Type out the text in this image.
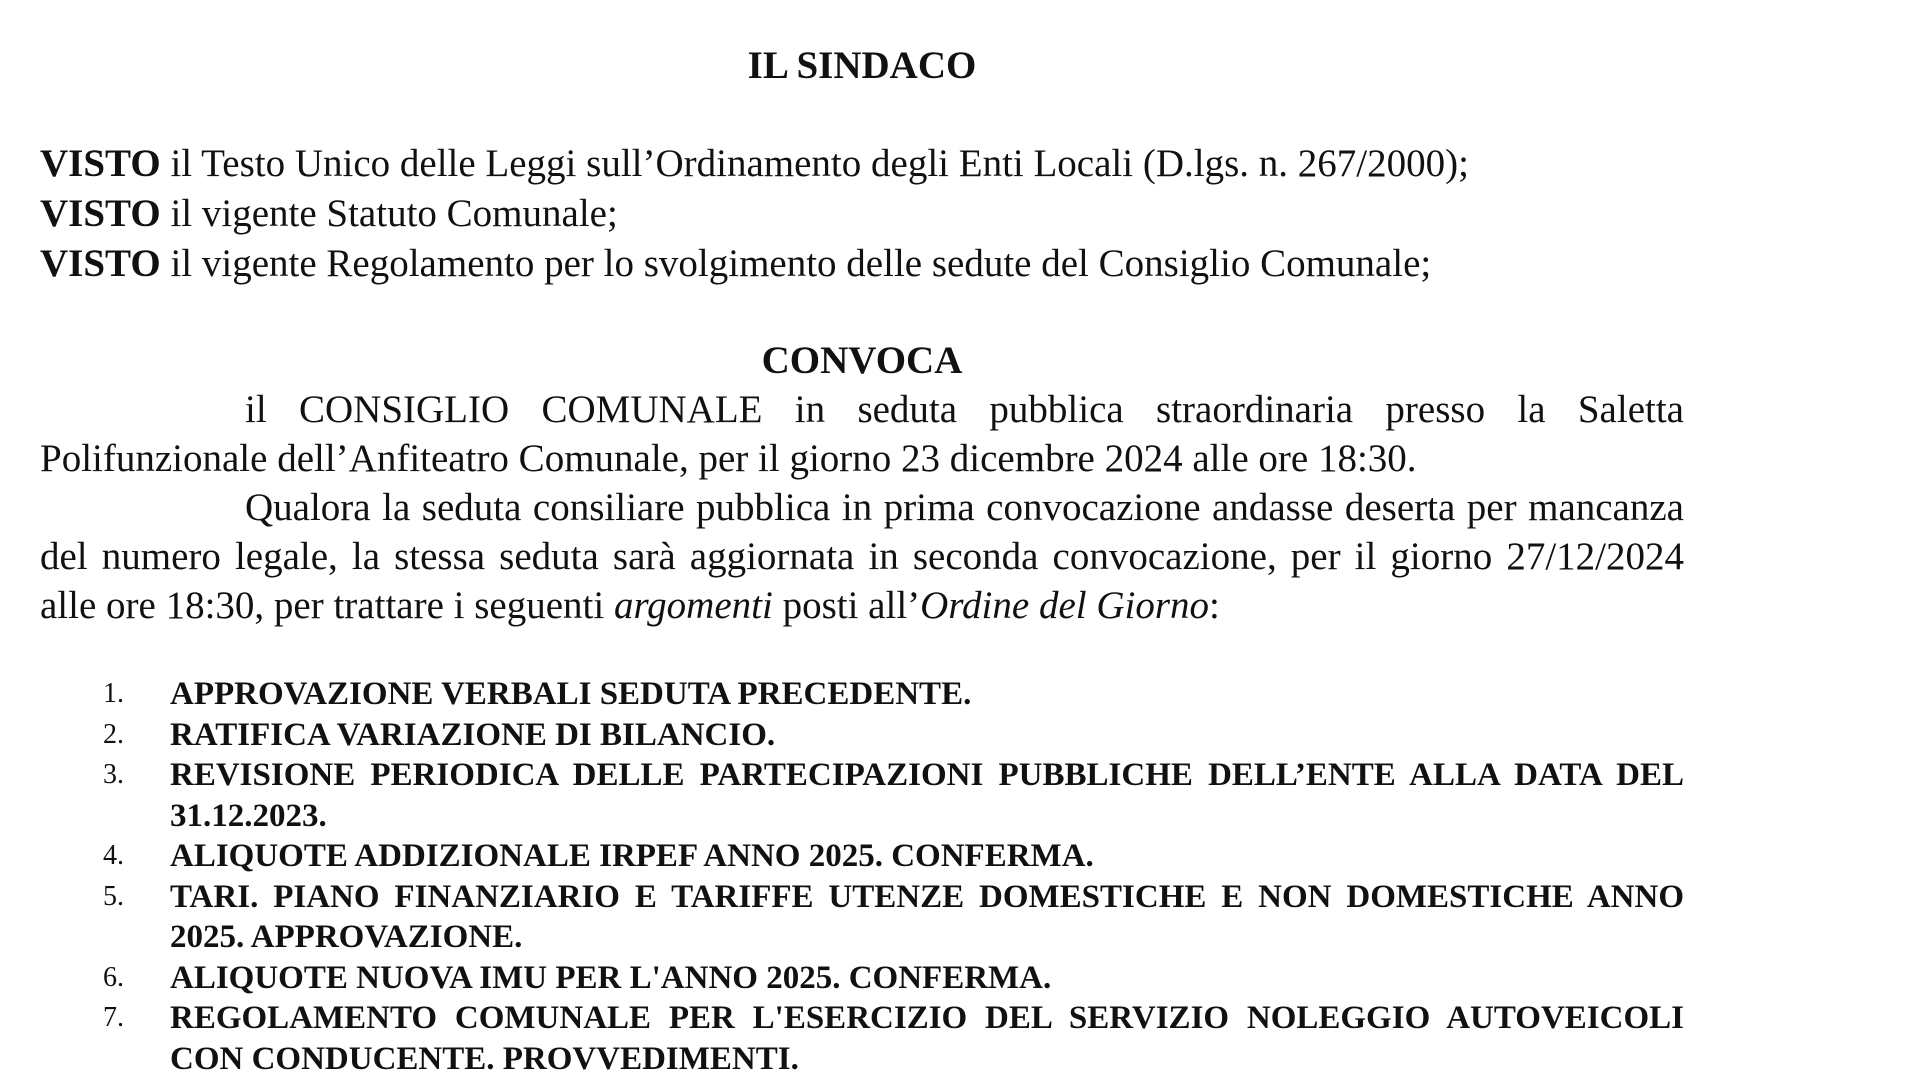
IL SINDACO
VISTO il Testo Unico delle Leggi sull’Ordinamento degli Enti Locali (D.lgs. n. 267/2000);
VISTO il vigente Statuto Comunale;
VISTO il vigente Regolamento per lo svolgimento delle sedute del Consiglio Comunale;
CONVOCA

il CONSIGLIO COMUNALE in seduta pubblica straordinaria presso la Saletta Polifunzionale dell’Anfiteatro Comunale, per il giorno 23 dicembre 2024 alle ore 18:30.

Qualora la seduta consiliare pubblica in prima convocazione andasse deserta per mancanza del numero legale, la stessa seduta sarà aggiornata in seconda convocazione, per il giorno 27/12/2024 alle ore 18:30, per trattare i seguenti argomenti posti all’Ordine del Giorno:

1. APPROVAZIONE VERBALI SEDUTA PRECEDENTE.
2. RATIFICA VARIAZIONE DI BILANCIO.
3. REVISIONE PERIODICA DELLE PARTECIPAZIONI PUBBLICHE DELL’ENTE ALLA DATA DEL 31.12.2023.
4. ALIQUOTE ADDIZIONALE IRPEF ANNO 2025. CONFERMA.
5. TARI. PIANO FINANZIARIO E TARIFFE UTENZE DOMESTICHE E NON DOMESTICHE ANNO 2025. APPROVAZIONE.
6. ALIQUOTE NUOVA IMU PER L'ANNO 2025. CONFERMA.
7. REGOLAMENTO COMUNALE PER L'ESERCIZIO DEL SERVIZIO NOLEGGIO AUTOVEICOLI CON CONDUCENTE. PROVVEDIMENTI.
